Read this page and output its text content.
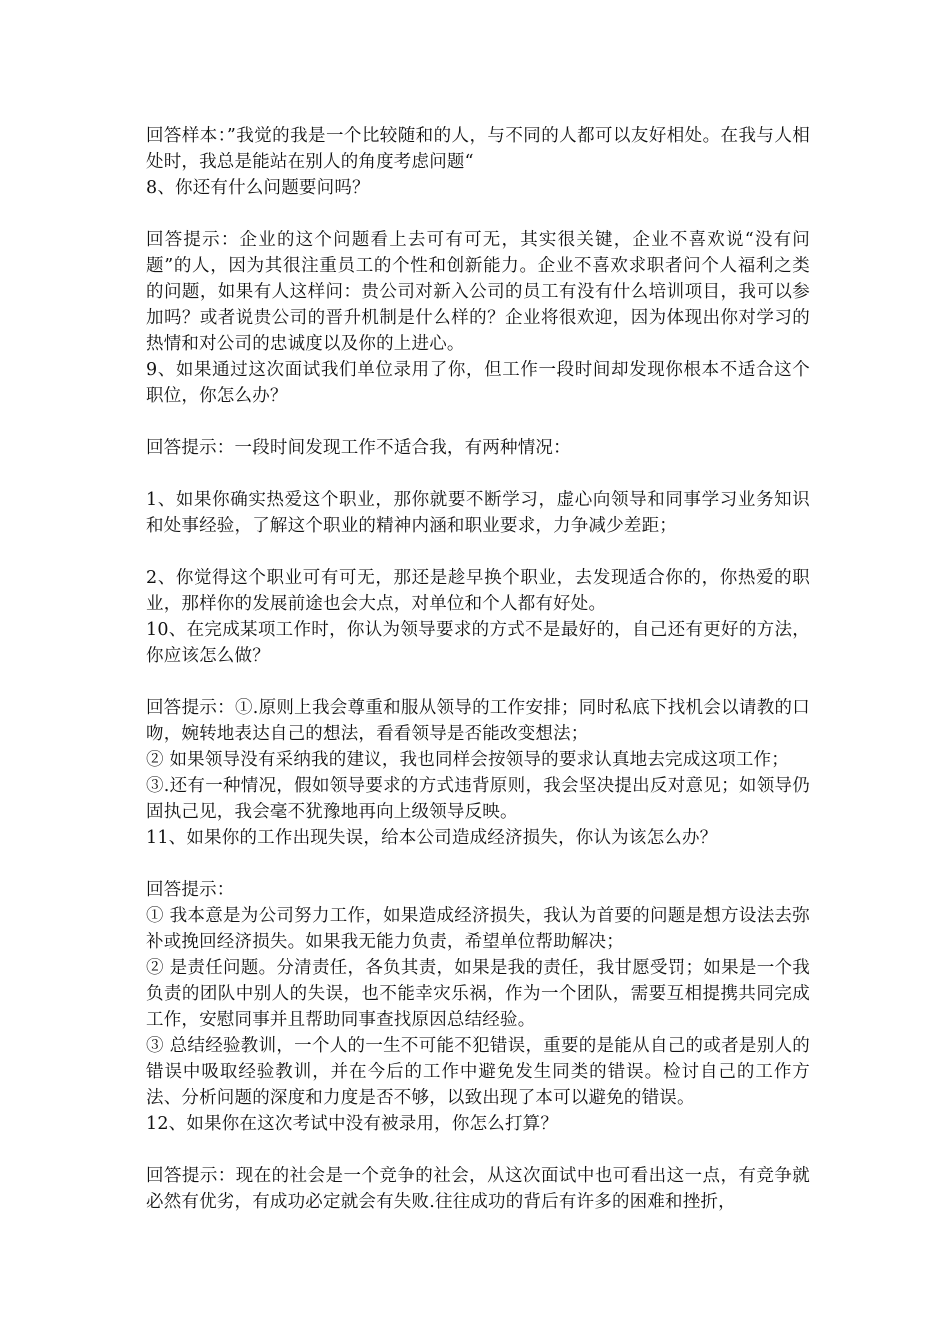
回答样本：”我觉的我是一个比较随和的人，与不同的人都可以友好相处。在我与人相处时，我总是能站在别人的角度考虑问题“

8、你还有什么问题要问吗？

回答提示：企业的这个问题看上去可有可无，其实很关键，企业不喜欢说“没有问题”的人，因为其很注重员工的个性和创新能力。企业不喜欢求职者问个人福利之类的问题，如果有人这样问：贵公司对新入公司的员工有没有什么培训项目，我可以参加吗？或者说贵公司的晋升机制是什么样的？企业将很欢迎，因为体现出你对学习的热情和对公司的忠诚度以及你的上进心。

9、如果通过这次面试我们单位录用了你，但工作一段时间却发现你根本不适合这个职位，你怎么办？

回答提示：一段时间发现工作不适合我，有两种情况：

1、如果你确实热爱这个职业，那你就要不断学习，虚心向领导和同事学习业务知识和处事经验，了解这个职业的精神内涵和职业要求，力争减少差距；

2、你觉得这个职业可有可无，那还是趁早换个职业，去发现适合你的，你热爱的职业，那样你的发展前途也会大点，对单位和个人都有好处。

10、在完成某项工作时，你认为领导要求的方式不是最好的，自己还有更好的方法，你应该怎么做？

回答提示：①.原则上我会尊重和服从领导的工作安排；同时私底下找机会以请教的口吻，婉转地表达自己的想法，看看领导是否能改变想法；

② 如果领导没有采纳我的建议，我也同样会按领导的要求认真地去完成这项工作；

③.还有一种情况，假如领导要求的方式违背原则，我会坚决提出反对意见；如领导仍固执己见，我会毫不犹豫地再向上级领导反映。

11、如果你的工作出现失误，给本公司造成经济损失，你认为该怎么办？

回答提示：

① 我本意是为公司努力工作，如果造成经济损失，我认为首要的问题是想方设法去弥补或挽回经济损失。如果我无能力负责，希望单位帮助解决；

② 是责任问题。分清责任，各负其责，如果是我的责任，我甘愿受罚；如果是一个我负责的团队中别人的失误，也不能幸灾乐祸，作为一个团队，需要互相提携共同完成工作，安慰同事并且帮助同事查找原因总结经验。

③ 总结经验教训，一个人的一生不可能不犯错误，重要的是能从自己的或者是别人的错误中吸取经验教训，并在今后的工作中避免发生同类的错误。检讨自己的工作方法、分析问题的深度和力度是否不够，以致出现了本可以避免的错误。

12、如果你在这次考试中没有被录用，你怎么打算？

回答提示：现在的社会是一个竞争的社会，从这次面试中也可看出这一点，有竞争就必然有优劣，有成功必定就会有失败.往往成功的背后有许多的困难和挫折，
